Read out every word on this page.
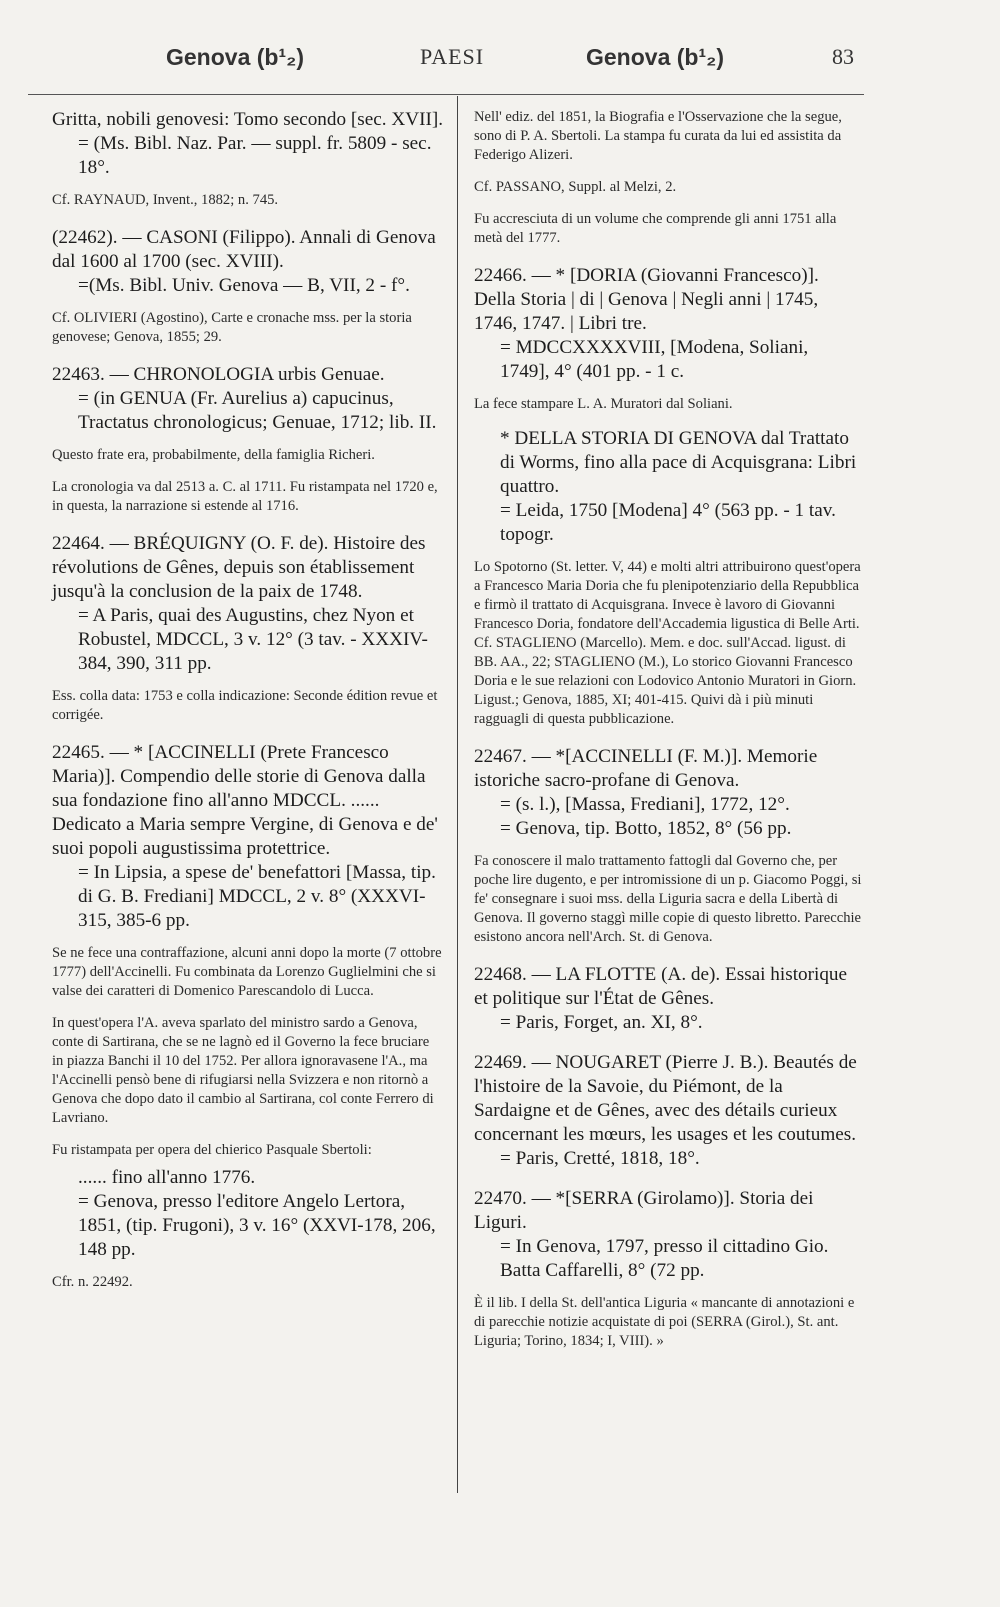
Genova (b¹₂)	PAESI	Genova (b¹₂)	83

Gritta, nobili genovesi: Tomo secondo [sec. XVII].

= (Ms. Bibl. Naz. Par. — suppl. fr. 5809 - sec. 18°.

Cf. RAYNAUD, Invent., 1882; n. 745.

(22462). — CASONI (Filippo). Annali di Genova dal 1600 al 1700 (sec. XVIII).

=(Ms. Bibl. Univ. Genova — B, VII, 2 - f°.

Cf. OLIVIERI (Agostino), Carte e cronache mss. per la storia genovese; Genova, 1855; 29.

22463. — CHRONOLOGIA urbis Genuae.

= (in GENUA (Fr. Aurelius a) capucinus, Tractatus chronologicus; Genuae, 1712; lib. II.

Questo frate era, probabilmente, della famiglia Richeri.

La cronologia va dal 2513 a. C. al 1711. Fu ristampata nel 1720 e, in questa, la narrazione si estende al 1716.

22464. — BRÉQUIGNY (O. F. de). Histoire des révolutions de Gênes, depuis son établissement jusqu'à la conclusion de la paix de 1748.

= A Paris, quai des Augustins, chez Nyon et Robustel, MDCCL, 3 v. 12° (3 tav. - XXXIV-384, 390, 311 pp.

Ess. colla data: 1753 e colla indicazione: Seconde édition revue et corrigée.

22465. — * [ACCINELLI (Prete Francesco Maria)]. Compendio delle storie di Genova dalla sua fondazione fino all'anno MDCCL. ...... Dedicato a Maria sempre Vergine, di Genova e de' suoi popoli augustissima protettrice.

= In Lipsia, a spese de' benefattori [Massa, tip. di G. B. Frediani] MDCCL, 2 v. 8° (XXXVI-315, 385-6 pp.

Se ne fece una contraffazione, alcuni anni dopo la morte (7 ottobre 1777) dell'Accinelli. Fu combinata da Lorenzo Guglielmini che si valse dei caratteri di Domenico Parescandolo di Lucca.

In quest'opera l'A. aveva sparlato del ministro sardo a Genova, conte di Sartirana, che se ne lagnò ed il Governo la fece bruciare in piazza Banchi il 10 del 1752. Per allora ignoravasene l'A., ma l'Accinelli pensò bene di rifugiarsi nella Svizzera e non ritornò a Genova che dopo dato il cambio al Sartirana, col conte Ferrero di Lavriano.

Fu ristampata per opera del chierico Pasquale Sbertoli:

...... fino all'anno 1776.

= Genova, presso l'editore Angelo Lertora, 1851, (tip. Frugoni), 3 v. 16° (XXVI-178, 206, 148 pp.

Cfr. n. 22492.

Nell' ediz. del 1851, la Biografia e l'Osservazione che la segue, sono di P. A. Sbertoli. La stampa fu curata da lui ed assistita da Federigo Alizeri.

Cf. PASSANO, Suppl. al Melzi, 2.

Fu accresciuta di un volume che comprende gli anni 1751 alla metà del 1777.

22466. — * [DORIA (Giovanni Francesco)]. Della Storia | di | Genova | Negli anni | 1745, 1746, 1747. | Libri tre.

= MDCCXXXXVIII, [Modena, Soliani, 1749], 4° (401 pp. - 1 c.

La fece stampare L. A. Muratori dal Soliani.

* DELLA STORIA DI GENOVA dal Trattato di Worms, fino alla pace di Acquisgrana: Libri quattro.

= Leida, 1750 [Modena] 4° (563 pp. - 1 tav. topogr.

Lo Spotorno (St. letter. V, 44) e molti altri attribuirono quest'opera a Francesco Maria Doria che fu plenipotenziario della Repubblica e firmò il trattato di Acquisgrana. Invece è lavoro di Giovanni Francesco Doria, fondatore dell'Accademia ligustica di Belle Arti. Cf. STAGLIENO (Marcello). Mem. e doc. sull'Accad. ligust. di BB. AA., 22; STAGLIENO (M.), Lo storico Giovanni Francesco Doria e le sue relazioni con Lodovico Antonio Muratori in Giorn. Ligust.; Genova, 1885, XI; 401-415. Quivi dà i più minuti ragguagli di questa pubblicazione.

22467. — *[ACCINELLI (F. M.)]. Memorie istoriche sacro-profane di Genova.

= (s. l.), [Massa, Frediani], 1772, 12°.

= Genova, tip. Botto, 1852, 8° (56 pp.

Fa conoscere il malo trattamento fattogli dal Governo che, per poche lire dugento, e per intromissione di un p. Giacomo Poggi, si fe' consegnare i suoi mss. della Liguria sacra e della Libertà di Genova. Il governo staggì mille copie di questo libretto. Parecchie esistono ancora nell'Arch. St. di Genova.

22468. — LA FLOTTE (A. de). Essai historique et politique sur l'État de Gênes.

= Paris, Forget, an. XI, 8°.

22469. — NOUGARET (Pierre J. B.). Beautés de l'histoire de la Savoie, du Piémont, de la Sardaigne et de Gênes, avec des détails curieux concernant les mœurs, les usages et les coutumes.

= Paris, Cretté, 1818, 18°.

22470. — *[SERRA (Girolamo)]. Storia dei Liguri.

= In Genova, 1797, presso il cittadino Gio. Batta Caffarelli, 8° (72 pp.

È il lib. I della St. dell'antica Liguria « mancante di annotazioni e di parecchie notizie acquistate di poi (SERRA (Girol.), St. ant. Liguria; Torino, 1834; I, VIII). »
